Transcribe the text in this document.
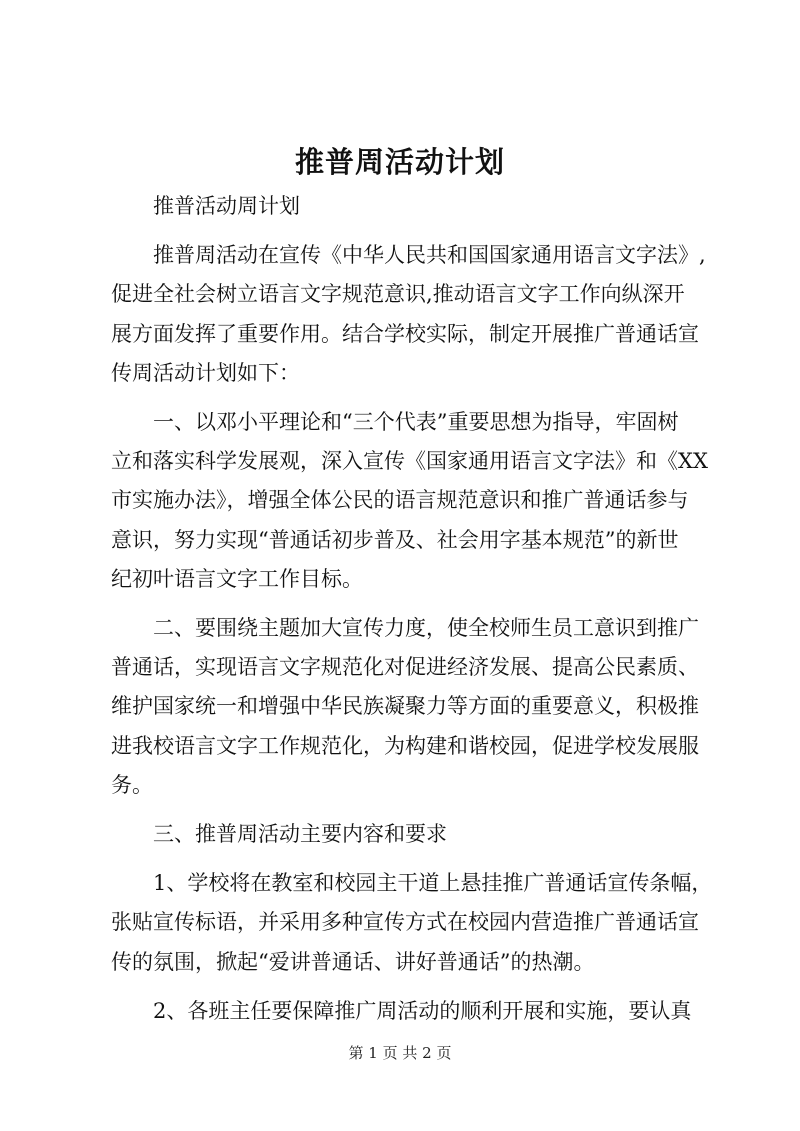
推普周活动计划

推普活动周计划

推普周活动在宣传《中华人民共和国国家通用语言文字法》,
促进全社会树立语言文字规范意识,推动语言文字工作向纵深开
展方面发挥了重要作用。结合学校实际，制定开展推广普通话宣
传周活动计划如下：

一、以邓小平理论和“三个代表”重要思想为指导，牢固树
立和落实科学发展观，深入宣传《国家通用语言文字法》和《XX
市实施办法》，增强全体公民的语言规范意识和推广普通话参与
意识，努力实现“普通话初步普及、社会用字基本规范”的新世
纪初叶语言文字工作目标。

二、要围绕主题加大宣传力度，使全校师生员工意识到推广
普通话，实现语言文字规范化对促进经济发展、提高公民素质、
维护国家统一和增强中华民族凝聚力等方面的重要意义，积极推
进我校语言文字工作规范化，为构建和谐校园，促进学校发展服
务。

三、推普周活动主要内容和要求

1、学校将在教室和校园主干道上悬挂推广普通话宣传条幅，
张贴宣传标语，并采用多种宣传方式在校园内营造推广普通话宣
传的氛围，掀起“爱讲普通话、讲好普通话”的热潮。

2、各班主任要保障推广周活动的顺利开展和实施，要认真

第 1 页 共 2 页
